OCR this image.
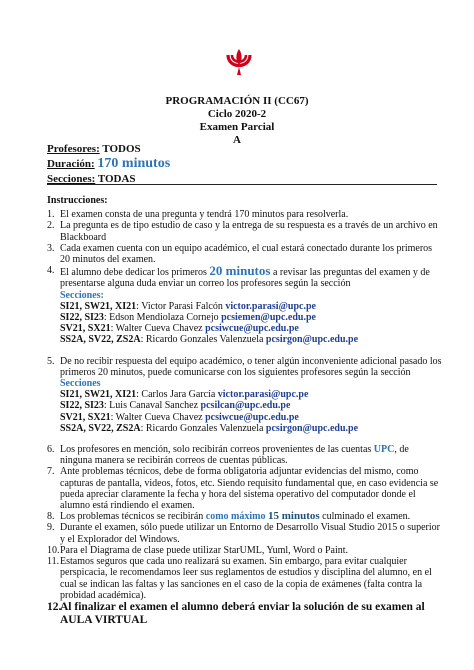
PROGRAMACIÓN II (CC67)
Ciclo 2020-2
Examen Parcial
A
Profesores: TODOS
Duración: 170 minutos
Secciones: TODAS
Instrucciones:
1. El examen consta de una pregunta y tendrá 170 minutos para resolverla.
2. La pregunta es de tipo estudio de caso y la entrega de su respuesta es a través de un archivo en Blackboard
3. Cada examen cuenta con un equipo académico, el cual estará conectado durante los primeros 20 minutos del examen.
4. El alumno debe dedicar los primeros 20 minutos a revisar las preguntas del examen y de presentarse alguna duda enviar un correo los profesores según la sección
Secciones:
SI21, SW21, XI21: Victor Parasi Falcón victor.parasi@upc.pe
SI22, SI23: Edson Mendiolaza Cornejo pcsiemen@upc.edu.pe
SV21, SX21: Walter Cueva Chavez pcsiwcue@upc.edu.pe
SS2A, SV22, ZS2A: Ricardo Gonzales Valenzuela pcsirgon@upc.edu.pe
5. De no recibir respuesta del equipo académico, o tener algún inconveniente adicional pasado los primeros 20 minutos, puede comunicarse con los siguientes profesores según la sección
Secciones
SI21, SW21, XI21: Carlos Jara García victor.parasi@upc.pe
SI22, SI23: Luis Canaval Sanchez pcsilcan@upc.edu.pe
SV21, SX21: Walter Cueva Chavez pcsiwcue@upc.edu.pe
SS2A, SV22, ZS2A: Ricardo Gonzales Valenzuela pcsirgon@upc.edu.pe
6. Los profesores en mención, solo recibirán correos provenientes de las cuentas UPC, de ninguna manera se recibirán correos de cuentas públicas.
7. Ante problemas técnicos, debe de forma obligatoria adjuntar evidencias del mismo, como capturas de pantalla, videos, fotos, etc. Siendo requisito fundamental que, en caso evidencia se pueda apreciar claramente la fecha y hora del sistema operativo del computador donde el alumno está rindiendo el examen.
8. Los problemas técnicos se recibirán como máximo 15 minutos culminado el examen.
9. Durante el examen, sólo puede utilizar un Entorno de Desarrollo Visual Studio 2015 o superior y el Explorador del Windows.
10. Para el Diagrama de clase puede utilizar StarUML, Yuml, Word o Paint.
11. Estamos seguros que cada uno realizará su examen. Sin embargo, para evitar cualquier perspicacia, le recomendamos leer sus reglamentos de estudios y disciplina del alumno, en el cual se indican las faltas y las sanciones en el caso de la copia de exámenes (falta contra la probidad académica).
12.
Al finalizar el examen el alumno deberá enviar la solución de su examen al AULA VIRTUAL
